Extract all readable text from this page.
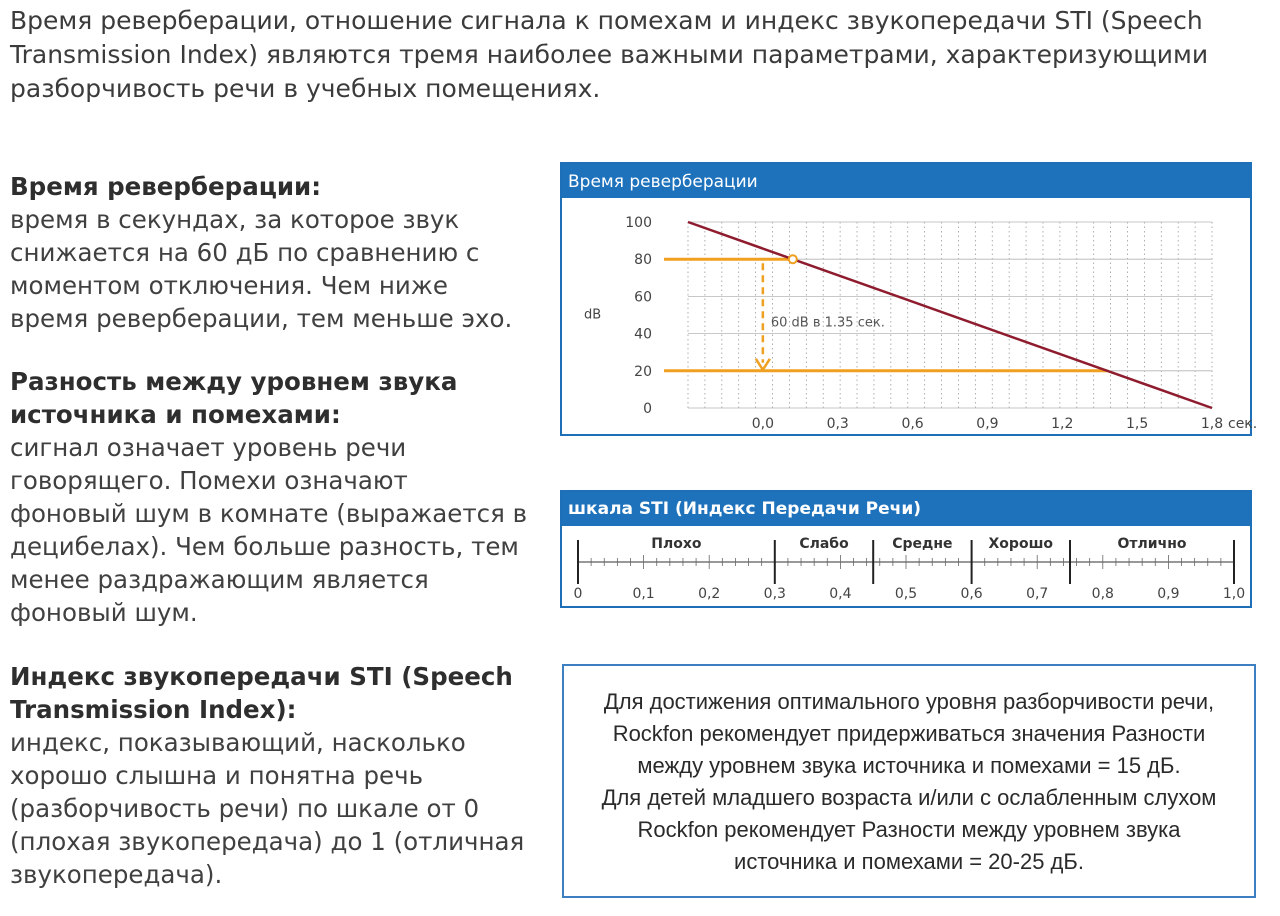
Время реверберации, отношение сигнала к помехам и индекс звукопередачи STI (Speech Transmission Index) являются тремя наиболее важными параметрами, характеризующими разборчивость речи в учебных помещениях.

Время реверберации:

время в секундах, за которое звук снижается на 60 дБ по сравнению с моментом отключения. Чем ниже время реверберации, тем меньше эхо.

Разность между уровнем звука источника и помехами:

сигнал означает уровень речи говорящего. Помехи означают фоновый шум в комнате (выражается в децибелах). Чем больше разность, тем менее раздражающим является фоновый шум.

Индекс звукопередачи STI (Speech Transmission Index):

индекс, показывающий, насколько хорошо слышна и понятна речь (разборчивость речи) по шкале от 0 (плохая звукопередача) до 1 (отличная звукопередача).

Время реверберации
0
20
40
60
80
100
0,0	0,3	0,6	0,9	1,2	1,5	1,8 сек.
dB
60 dB в 1.35 сек.
шкала STI (Индекс Передачи Речи)
Плохо	Слабо	Средне	Хорошо	Отлично
0	0,1	0,2	0,3	0,4	0,5	0,6	0,7	0,8	0,9	1,0
Для достижения оптимального уровня разборчивости речи,
Rockfon рекомендует придерживаться значения Разности
между уровнем звука источника и помехами = 15 дБ.
Для детей младшего возраста и/или с ослабленным слухом
Rockfon рекомендует Разности между уровнем звука
источника и помехами = 20-25 дБ.
